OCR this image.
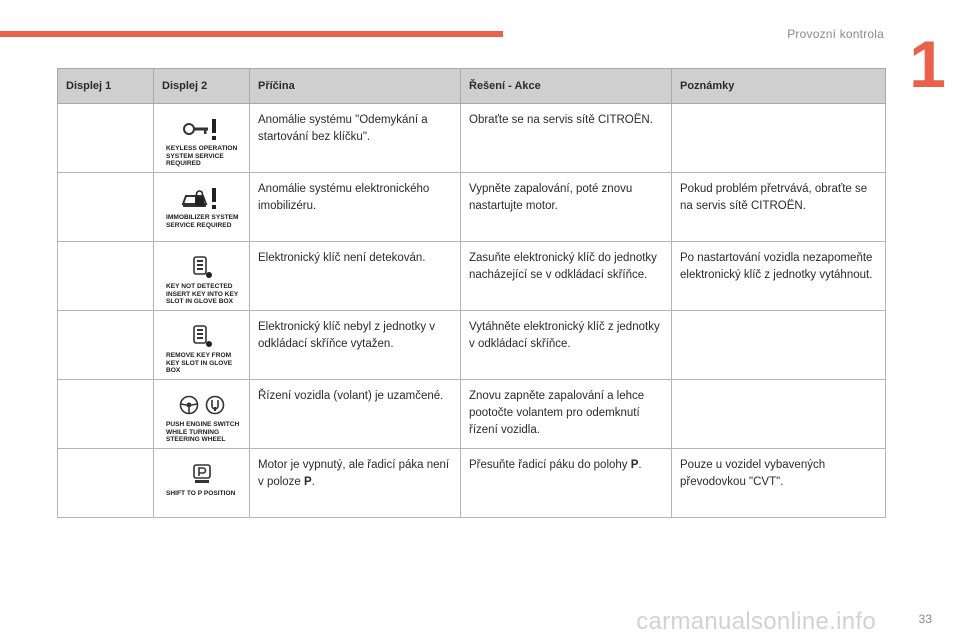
Provozní kontrola 1
Displej 1	Displej 2	Příčina	Řešení - Akce	Poznámky

	KEYLESS OPERATION SYSTEM SERVICE REQUIRED	Anomálie systému "Odemykání a startování bez klíčku".	Obraťte se na servis sítě CITROËN.	

	IMMOBILIZER SYSTEM SERVICE REQUIRED	Anomálie systému elektronického imobilizéru.	Vypněte zapalování, poté znovu nastartujte motor.	Pokud problém přetrvává, obraťte se na servis sítě CITROËN.

	KEY NOT DETECTED INSERT KEY INTO KEY SLOT IN GLOVE BOX	Elektronický klíč není detekován.	Zasuňte elektronický klíč do jednotky nacházející se v odkládací skříňce.	Po nastartování vozidla nezapomeňte elektronický klíč z jednotky vytáhnout.

	REMOVE KEY FROM KEY SLOT IN GLOVE BOX	Elektronický klíč nebyl z jednotky v odkládací skříňce vytažen.	Vytáhněte elektronický klíč z jednotky v odkládací skříňce.	

	PUSH ENGINE SWITCH WHILE TURNING STEERING WHEEL	Řízení vozidla (volant) je uzamčené.	Znovu zapněte zapalování a lehce pootočte volantem pro odemknutí řízení vozidla.	

	SHIFT TO P POSITION	Motor je vypnutý, ale řadicí páka není v poloze P.	Přesuňte řadicí páku do polohy P.	Pouze u vozidel vybavených převodovkou "CVT".
carmanualsonline.info	33
